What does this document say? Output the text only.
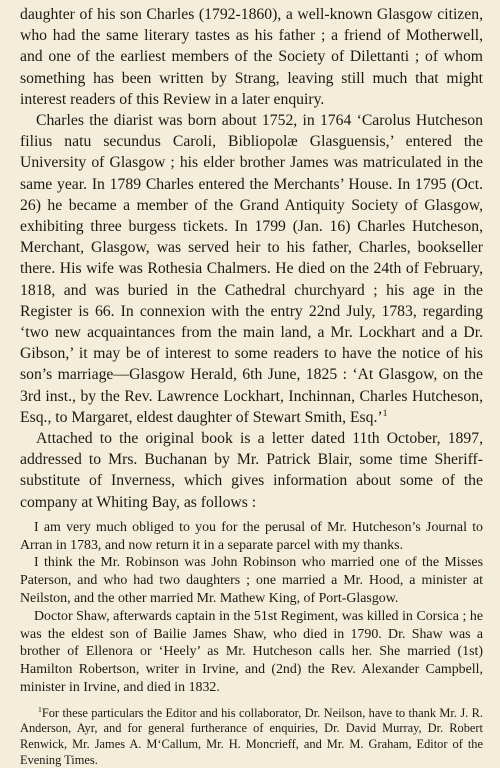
daughter of his son Charles (1792-1860), a well-known Glasgow citizen, who had the same literary tastes as his father ; a friend of Motherwell, and one of the earliest members of the Society of Dilettanti ; of whom something has been written by Strang, leaving still much that might interest readers of this Review in a later enquiry.

Charles the diarist was born about 1752, in 1764 ‘Carolus Hutcheson filius natu secundus Caroli, Bibliopolæ Glasguensis,’ entered the University of Glasgow ; his elder brother James was matriculated in the same year. In 1789 Charles entered the Merchants’ House. In 1795 (Oct. 26) he became a member of the Grand Antiquity Society of Glasgow, exhibiting three burgess tickets. In 1799 (Jan. 16) Charles Hutcheson, Merchant, Glasgow, was served heir to his father, Charles, bookseller there. His wife was Rothesia Chalmers. He died on the 24th of February, 1818, and was buried in the Cathedral churchyard ; his age in the Register is 66. In connexion with the entry 22nd July, 1783, regarding ‘two new acquaintances from the main land, a Mr. Lockhart and a Dr. Gibson,’ it may be of interest to some readers to have the notice of his son’s marriage—Glasgow Herald, 6th June, 1825 : ‘At Glasgow, on the 3rd inst., by the Rev. Lawrence Lockhart, Inchinnan, Charles Hutcheson, Esq., to Margaret, eldest daughter of Stewart Smith, Esq.’$^1$

Attached to the original book is a letter dated 11th October, 1897, addressed to Mrs. Buchanan by Mr. Patrick Blair, some time Sheriff-substitute of Inverness, which gives information about some of the company at Whiting Bay, as follows :

I am very much obliged to you for the perusal of Mr. Hutcheson’s Journal to Arran in 1783, and now return it in a separate parcel with my thanks.

I think the Mr. Robinson was John Robinson who married one of the Misses Paterson, and who had two daughters ; one married a Mr. Hood, a minister at Neilston, and the other married Mr. Mathew King, of Port-Glasgow.

Doctor Shaw, afterwards captain in the 51st Regiment, was killed in Corsica ; he was the eldest son of Bailie James Shaw, who died in 1790. Dr. Shaw was a brother of Ellenora or ‘Heely’ as Mr. Hutcheson calls her. She married (1st) Hamilton Robertson, writer in Irvine, and (2nd) the Rev. Alexander Campbell, minister in Irvine, and died in 1832.

$^1$For these particulars the Editor and his collaborator, Dr. Neilson, have to thank Mr. J. R. Anderson, Ayr, and for general furtherance of enquiries, Dr. David Murray, Dr. Robert Renwick, Mr. James A. M‘Callum, Mr. H. Moncrieff, and Mr. M. Graham, Editor of the Evening Times.
